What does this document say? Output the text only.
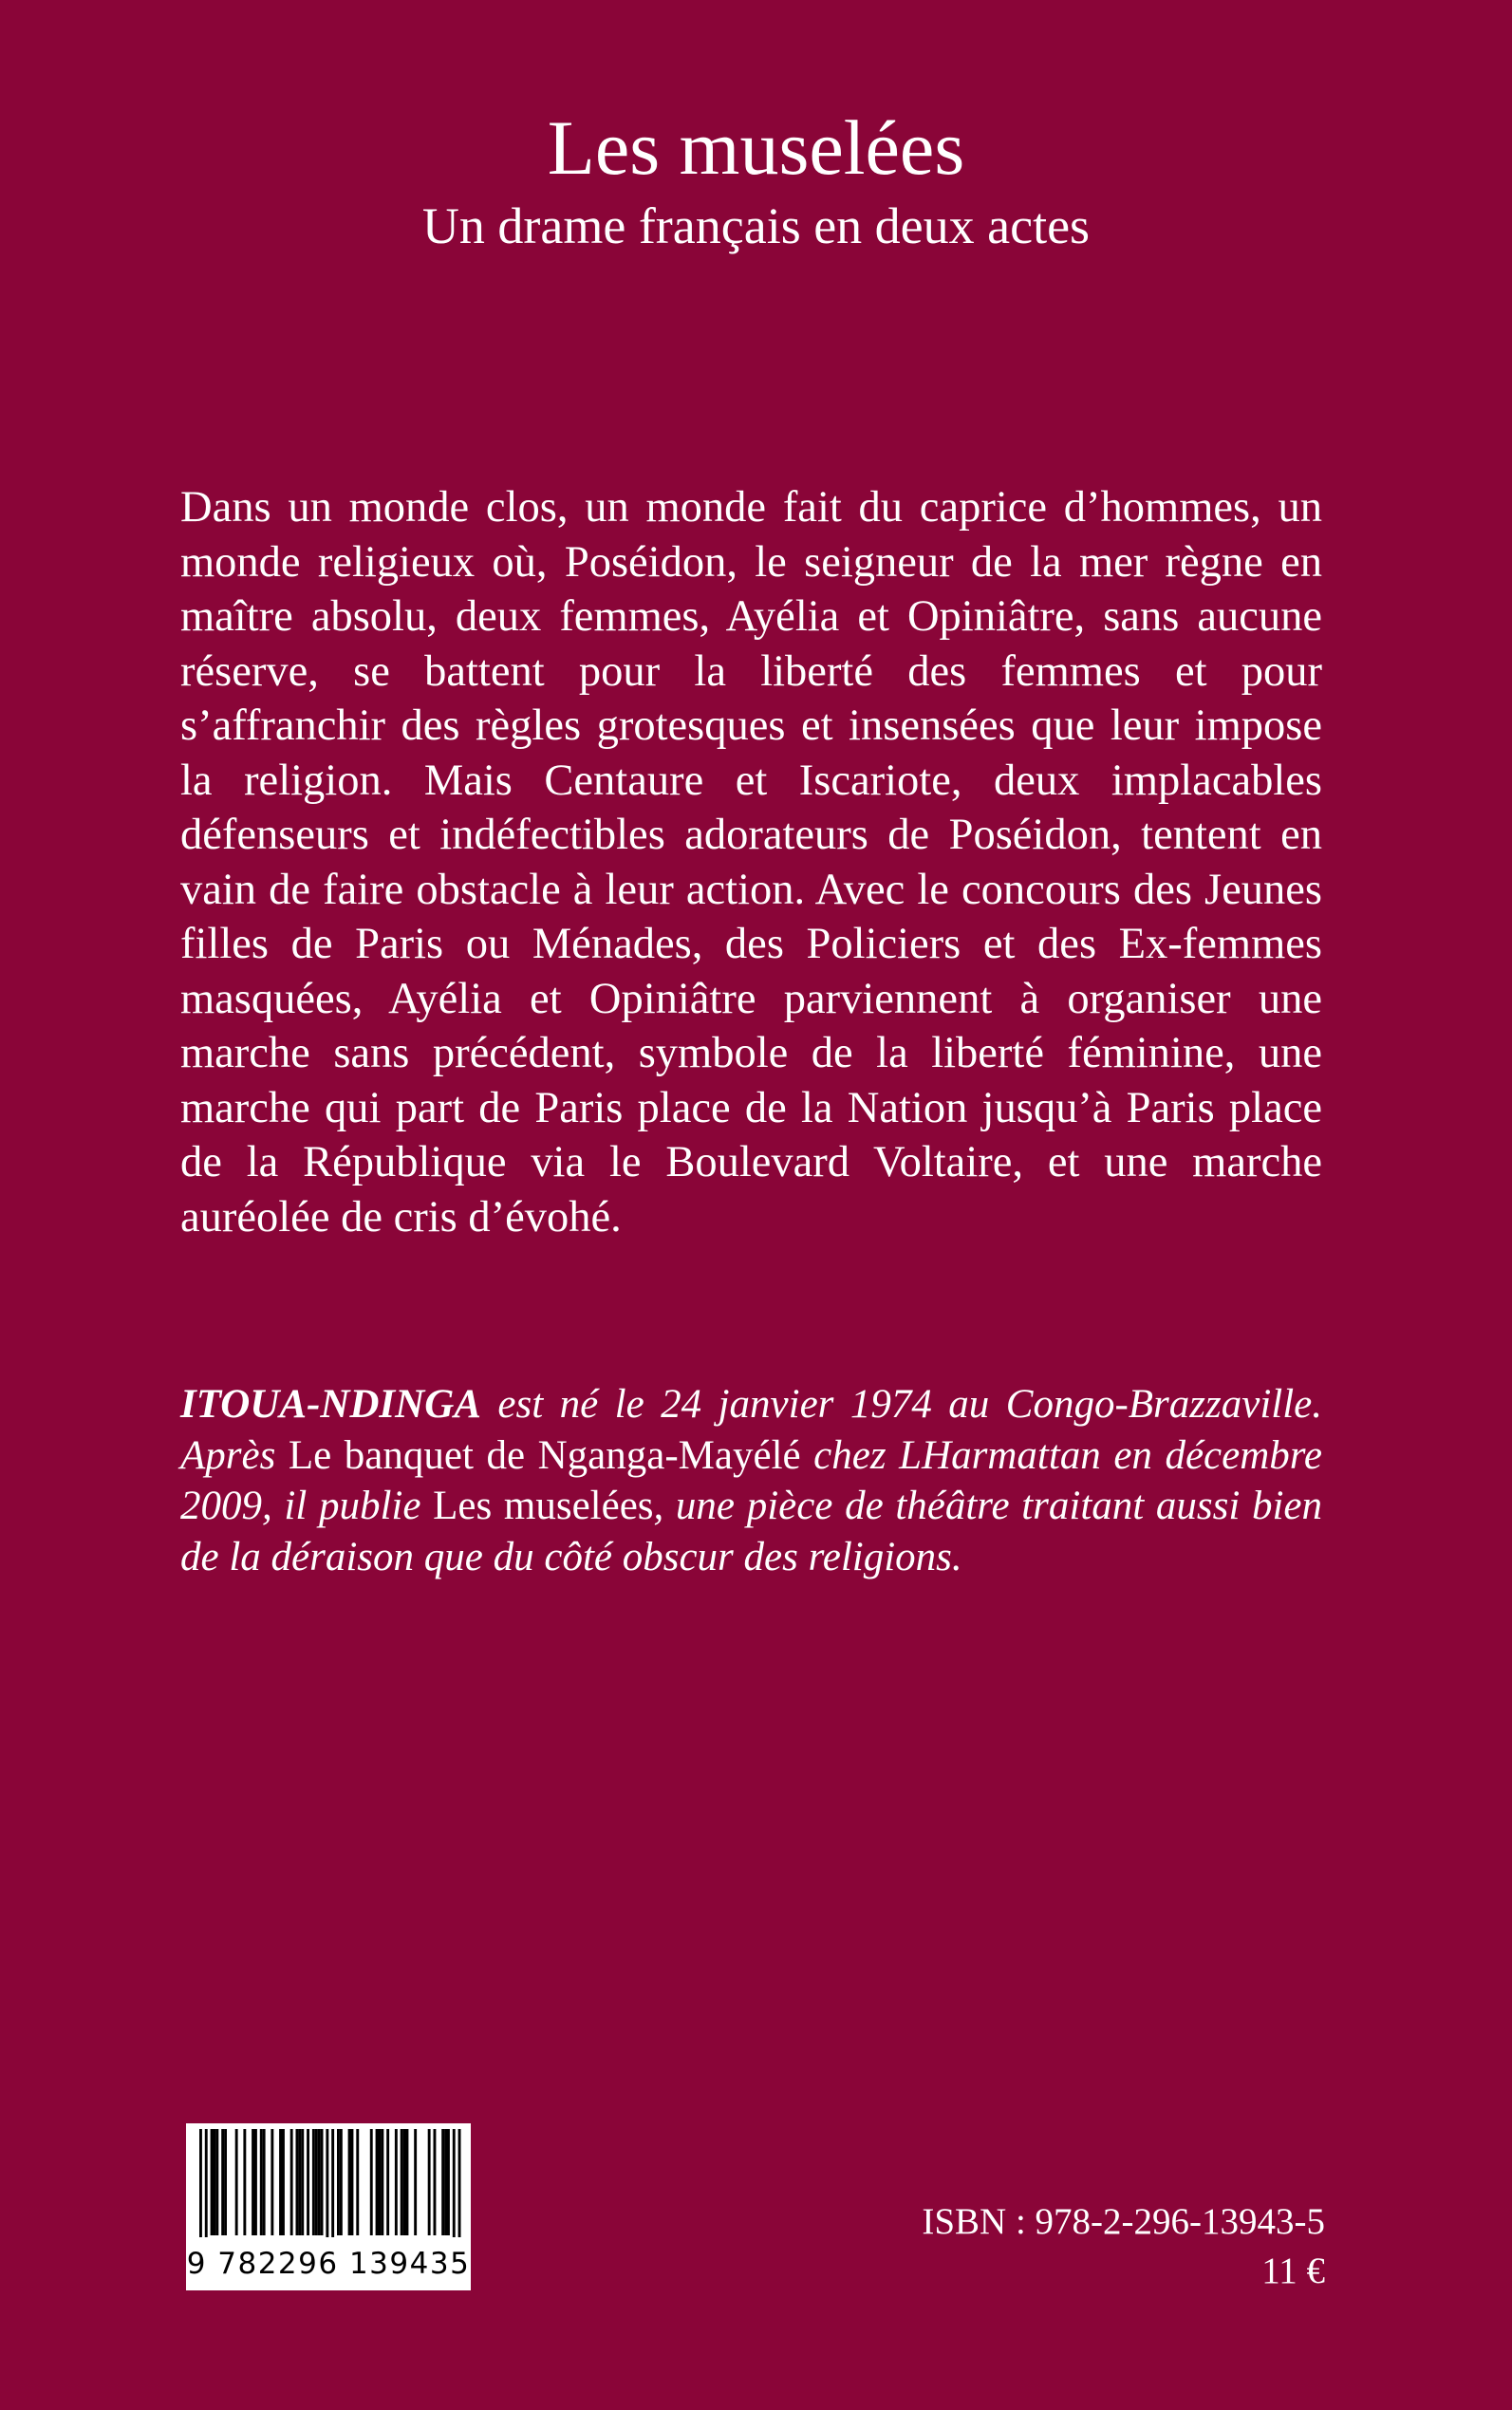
Les muselées
Un drame français en deux actes

Dans un monde clos, un monde fait du caprice d’hommes, un monde religieux où, Poséidon, le seigneur de la mer règne en maître absolu, deux femmes, Ayélia et Opiniâtre, sans aucune réserve, se battent pour la liberté des femmes et pour s’affranchir des règles grotesques et insensées que leur impose la religion. Mais Centaure et Iscariote, deux implacables défenseurs et indéfectibles adorateurs de Poséidon, tentent en vain de faire obstacle à leur action. Avec le concours des Jeunes filles de Paris ou Ménades, des Policiers et des Ex-femmes masquées, Ayélia et Opiniâtre parviennent à organiser une marche sans précédent, symbole de la liberté féminine, une marche qui part de Paris place de la Nation jusqu’à Paris place de la République via le Boulevard Voltaire, et une marche auréolée de cris d’évohé.

ITOUA-NDINGA est né le 24 janvier 1974 au Congo-Brazzaville. Après Le banquet de Nganga-Mayélé chez LHarmattan en décembre 2009, il publie Les muselées, une pièce de théâtre traitant aussi bien de la déraison que du côté obscur des religions.

9 782296 139435
ISBN : 978-2-296-13943-5
11 €
